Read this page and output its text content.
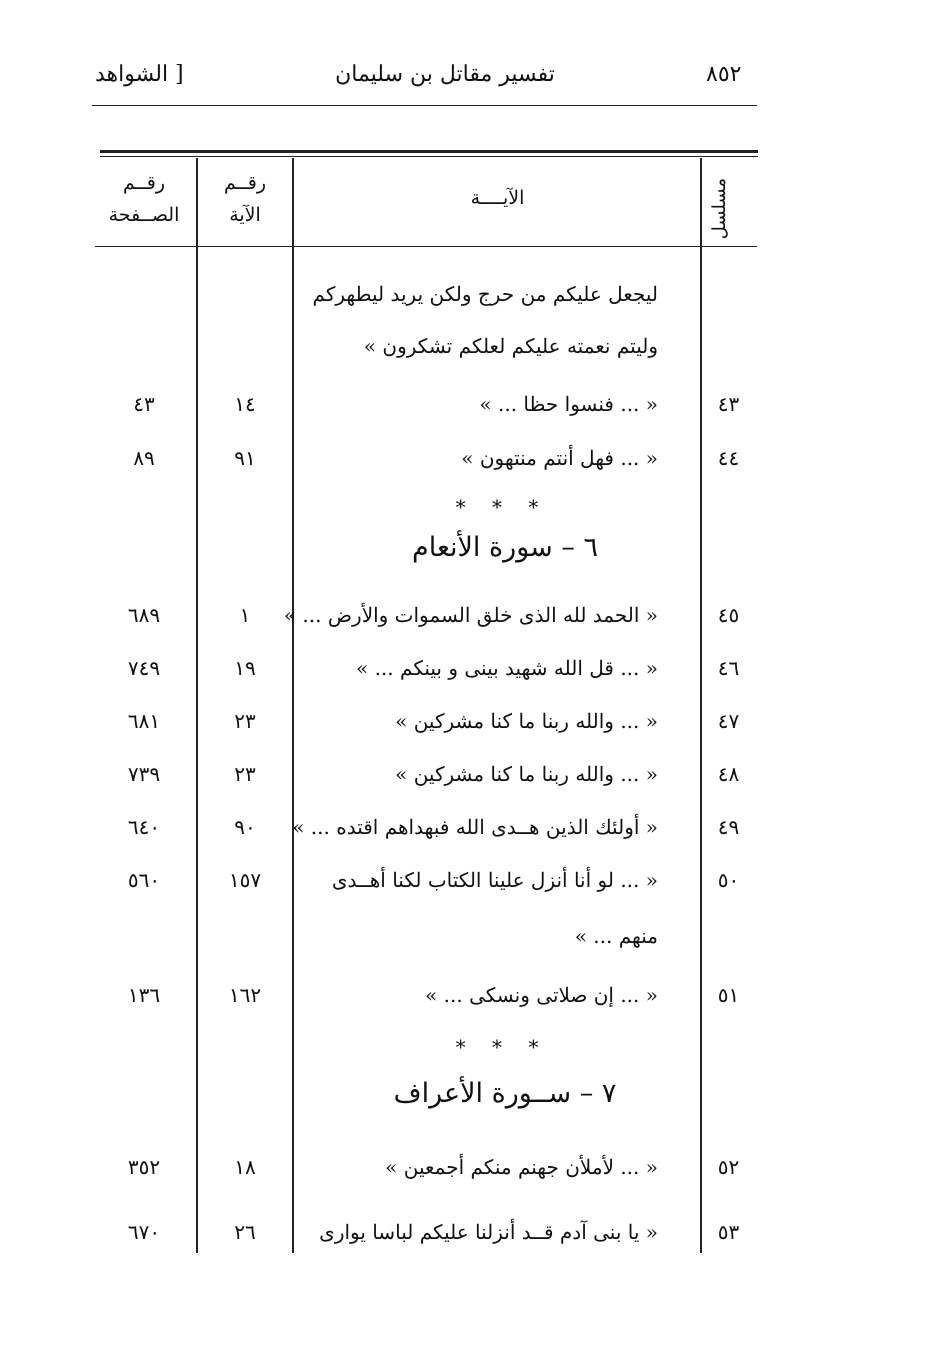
٨٥٢
تفسير مقاتل بن سليمان
[ الشواهد
مسلسل
الآيــــة
رقــم
الآية
رقــم
الصــفحة
ليجعل عليكم من حرج ولكن يريد ليطهركم
وليتم نعمته عليكم لعلكم تشكرون »
٤٣
« ... فنسوا حظا ... »
١٤
٤٣
٤٤
« ... فهل أنتم منتهون »
٩١
٨٩
* * *
٦ – سورة الأنعام
٤٥
« الحمد لله الذى خلق السموات والأرض ... »
١
٦٨٩
٤٦
« ... قل الله شهيد بينى و بينكم ... »
١٩
٧٤٩
٤٧
« ... والله ربنا ما كنا مشركين »
٢٣
٦٨١
٤٨
« ... والله ربنا ما كنا مشركين »
٢٣
٧٣٩
٤٩
« أولئك الذين هــدى الله فبهداهم اقتده ... »
٩٠
٦٤٠
٥٠
« ... لو أنا أنزل علينا الكتاب لكنا أهــدى
منهم ... »
١٥٧
٥٦٠
٥١
« ... إن صلاتى ونسكى ... »
١٦٢
١٣٦
* * *
٧ – ســورة الأعراف
٥٢
« ... لأملأن جهنم منكم أجمعين »
١٨
٣٥٢
٥٣
« يا بنى آدم قــد أنزلنا عليكم لباسا يوارى
٢٦
٦٧٠
